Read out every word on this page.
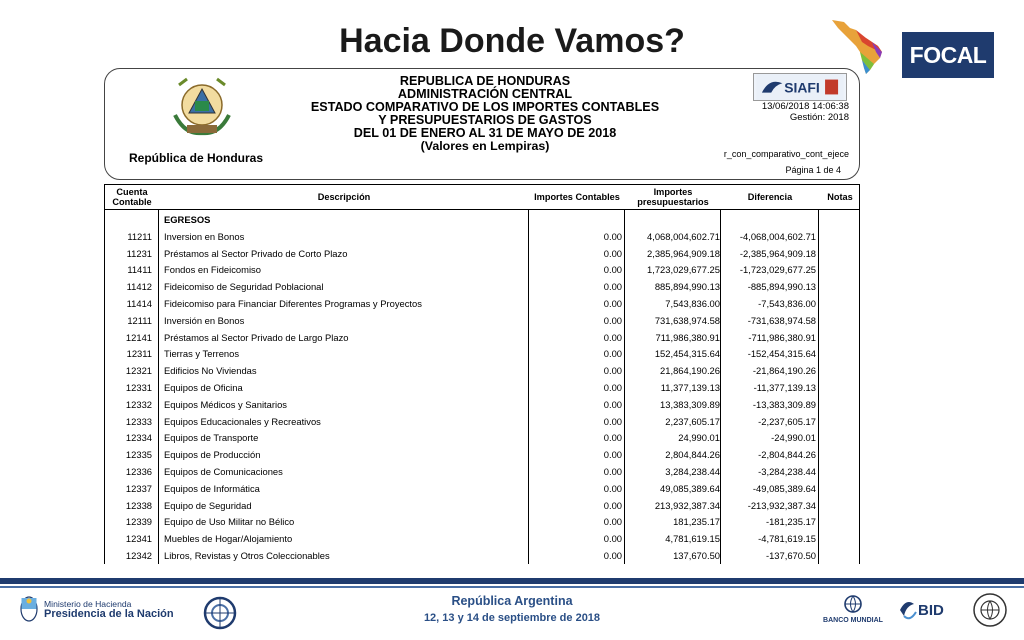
Hacia Donde Vamos?	FOCAL
República de Honduras
REPUBLICA DE HONDURAS
ADMINISTRACIÓN CENTRAL
ESTADO COMPARATIVO DE LOS IMPORTES CONTABLES
Y PRESUPUESTARIOS DE GASTOS
DEL 01 DE ENERO AL 31 DE MAYO DE 2018
(Valores en Lempiras)
SIAFI
13/06/2018 14:06:38
Gestión: 2018
r_con_comparativo_cont_ejece
Página 1 de 4
Cuenta Contable	Descripción	Importes Contables	Importes presupuestarios	Diferencia	Notas
EGRESOS
11211 Inversion en Bonos	0.00	4,068,004,602.71	-4,068,004,602.71
11231 Préstamos al Sector Privado de Corto Plazo	0.00	2,385,964,909.18	-2,385,964,909.18
11411 Fondos en Fideicomiso	0.00	1,723,029,677.25	-1,723,029,677.25
11412 Fideicomiso de Seguridad Poblacional	0.00	885,894,990.13	-885,894,990.13
11414 Fideicomiso para Financiar Diferentes Programas y Proyectos	0.00	7,543,836.00	-7,543,836.00
12111 Inversión en Bonos	0.00	731,638,974.58	-731,638,974.58
12141 Préstamos al Sector Privado de Largo Plazo	0.00	711,986,380.91	-711,986,380.91
12311 Tierras y Terrenos	0.00	152,454,315.64	-152,454,315.64
12321 Edificios No Viviendas	0.00	21,864,190.26	-21,864,190.26
12331 Equipos de Oficina	0.00	11,377,139.13	-11,377,139.13
12332 Equipos Médicos y Sanitarios	0.00	13,383,309.89	-13,383,309.89
12333 Equipos Educacionales y Recreativos	0.00	2,237,605.17	-2,237,605.17
12334 Equipos de Transporte	0.00	24,990.01	-24,990.01
12335 Equipos de Producción	0.00	2,804,844.26	-2,804,844.26
12336 Equipos de Comunicaciones	0.00	3,284,238.44	-3,284,238.44
12337 Equipos de Informática	0.00	49,085,389.64	-49,085,389.64
12338 Equipo de Seguridad	0.00	213,932,387.34	-213,932,387.34
12339 Equipo de Uso Militar no Bélico	0.00	181,235.17	-181,235.17
12341 Muebles de Hogar/Alojamiento	0.00	4,781,619.15	-4,781,619.15
12342 Libros, Revistas y Otros Coleccionables	0.00	137,670.50	-137,670.50
Ministerio de Hacienda
Presidencia de la Nación
República Argentina
12, 13 y 14 de septiembre de 2018	BANCO MUNDIAL
BID
